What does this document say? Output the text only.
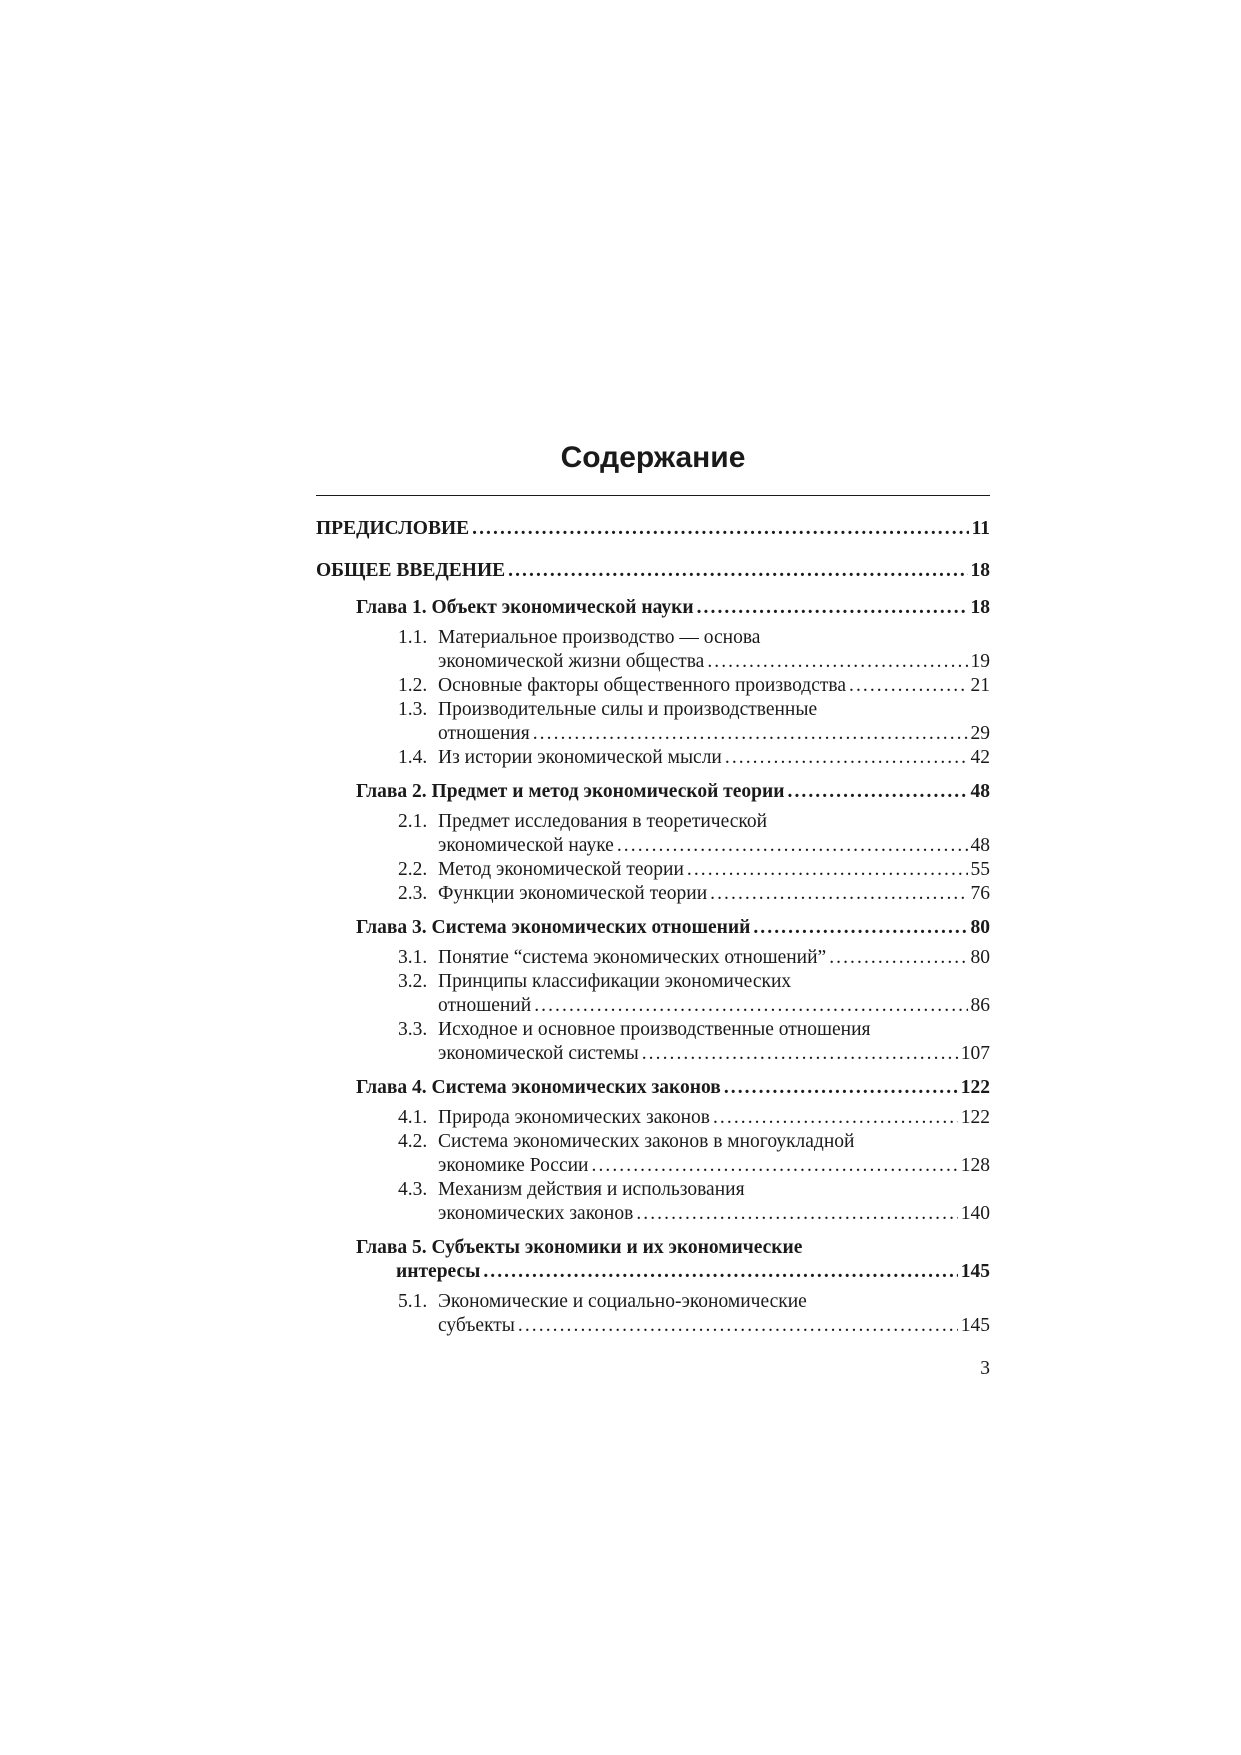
Содержание
ПРЕДИСЛОВИЕ . . .	11
ОБЩЕЕ ВВЕДЕНИЕ . . .	18
Глава 1. Объект экономической науки . . .	18
1.1. Материальное производство — основа
экономической жизни общества . . .	19
1.2. Основные факторы общественного производства . . .	21
1.3. Производительные силы и производственные
отношения . . .	29
1.4. Из истории экономической мысли . . .	42
Глава 2. Предмет и метод экономической теории . . .	48
2.1. Предмет исследования в теоретической
экономической науке . . .	48
2.2. Метод экономической теории . . .	55
2.3. Функции экономической теории . . .	76
Глава 3. Система экономических отношений . . .	80
3.1. Понятие “система экономических отношений” . . .	80
3.2. Принципы классификации экономических
отношений . . .	86
3.3. Исходное и основное производственные отношения
экономической системы . . .	107
Глава 4. Система экономических законов . . .	122
4.1. Природа экономических законов . . .	122
4.2. Система экономических законов в многоукладной
экономике России . . .	128
4.3. Механизм действия и использования
экономических законов . . .	140
Глава 5. Субъекты экономики и их экономические
интересы . . .	145
5.1. Экономические и социально-экономические
субъекты . . .	145
3
